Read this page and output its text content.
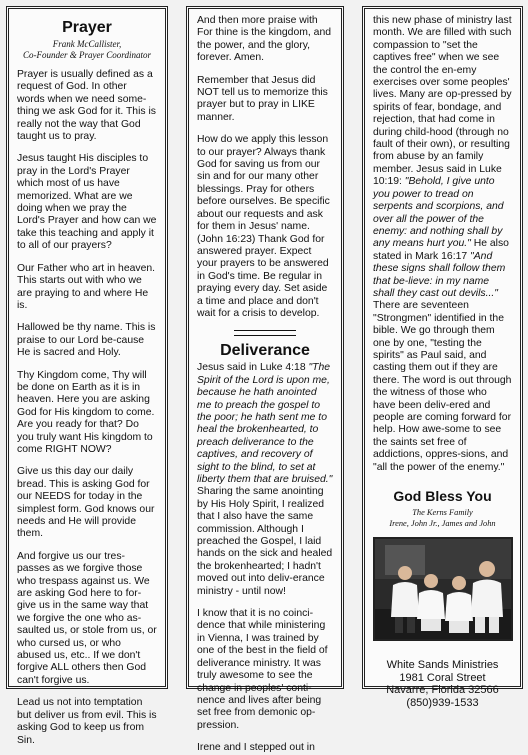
Prayer
Frank McCallister,
Co-Founder & Prayer Coordinator

Prayer is usually defined as a request of God. In other words when we need some-thing we ask God for it. This is really not the way that God taught us to pray.

Jesus taught His disciples to pray in the Lord's Prayer which most of us have memorized. What are we doing when we pray the Lord's Prayer and how can we take this teaching and apply it to all of our prayers?

Our Father who art in heaven. This starts out with who we are praying to and where He is.

Hallowed be thy name. This is praise to our Lord be-cause He is sacred and Holy.

Thy Kingdom come, Thy will be done on Earth as it is in heaven. Here you are asking God for His kingdom to come. Are you ready for that? Do you truly want His kingdom to come RIGHT NOW?

Give us this day our daily bread. This is asking God for our NEEDS for today in the simplest form. God knows our needs and He will provide them.

And forgive us our tres-passes as we forgive those who trespass against us. We are asking God here to for-give us in the same way that we forgive the one who as-saulted us, or stole from us, or who cursed us, or who abused us, etc.. If we don't forgive ALL others then God can't forgive us.

Lead us not into temptation but deliver us from evil. This is asking God to keep us from Sin.

And then more praise with For thine is the kingdom, and the power, and the glory, forever. Amen.

Remember that Jesus did NOT tell us to memorize this prayer but to pray in LIKE manner.

How do we apply this lesson to our prayer? Always thank God for saving us from our sin and for our many other blessings. Pray for others before ourselves. Be specific about our requests and ask for them in Jesus' name. (John 16:23) Thank God for answered prayer. Expect your prayers to be answered in God's time. Be regular in praying every day. Set aside a time and place and don't wait for a crisis to develop.

Deliverance

Jesus said in Luke 4:18 "The Spirit of the Lord is upon me, because he hath anointed me to preach the gospel to the poor; he hath sent me to heal the brokenhearted, to preach deliverance to the captives, and recovery of sight to the blind, to set at liberty them that are bruised." Sharing the same anointing by His Holy Spirit, I realized that I also have the same commission. Although I preached the Gospel, I laid hands on the sick and healed the brokenhearted; I hadn't moved out into deliv-erance ministry - until now!

I know that it is no coinci-dence that while ministering in Vienna, I was trained by one of the best in the field of deliverance ministry. It was truly awesome to see the change in peoples' conti-nence and lives after being set free from demonic op-pression.

Irene and I stepped out in

this new phase of ministry last month. We are filled with such compassion to "set the captives free" when we see the control the en-emy exercises over some peoples' lives. Many are op-pressed by spirits of fear, bondage, and rejection, that had come in during child-hood (through no fault of their own), or resulting from abuse by an family member. Jesus said in Luke 10:19: "Behold, I give unto you power to tread on serpents and scorpions, and over all the power of the enemy: and nothing shall by any means hurt you." He also stated in Mark 16:17 "And these signs shall follow them that be-lieve: in my name shall they cast out devils..." There are seventeen "Strongmen" identified in the bible. We go through them one by one, "testing the spirits" as Paul said, and casting them out if they are there. The word is out through the witness of those who have been deliv-ered and people are coming forward for help. How awe-some to see the saints set free of addictions, oppres-sions, and "all the power of the enemy."

God Bless You
The Kerns Family
Irene, John Jr., James and John
White Sands Ministries
1981 Coral Street
Navarre, Florida 32566
(850)939-1533
